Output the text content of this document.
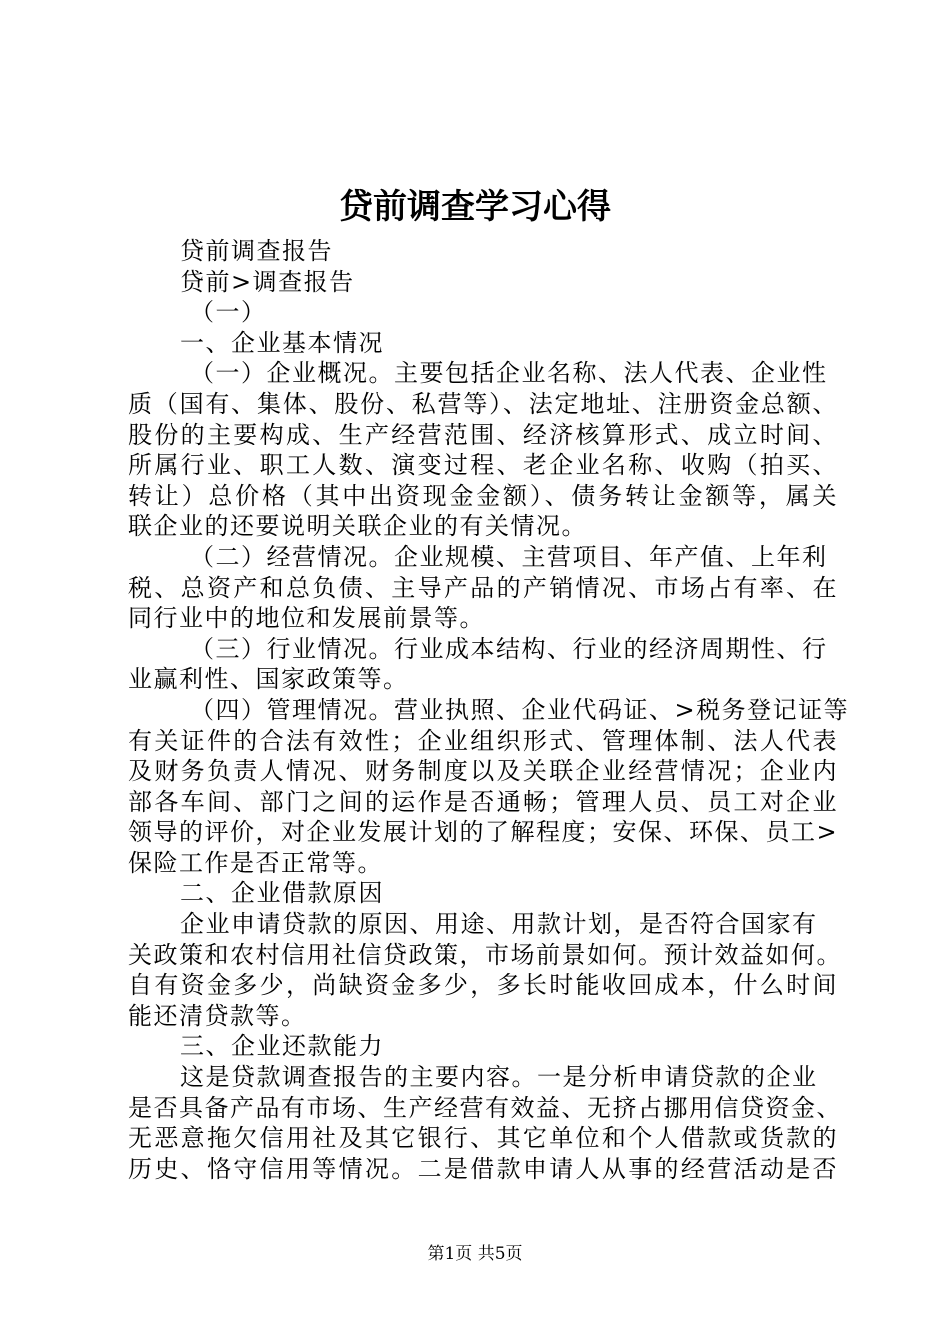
贷前调查学习心得
贷前调查报告
贷前>调查报告
（一）
一、企业基本情况
（一）企业概况。主要包括企业名称、法人代表、企业性
质（国有、集体、股份、私营等）、法定地址、注册资金总额、
股份的主要构成、生产经营范围、经济核算形式、成立时间、
所属行业、职工人数、演变过程、老企业名称、收购（拍买、
转让）总价格（其中出资现金金额）、债务转让金额等，属关
联企业的还要说明关联企业的有关情况。
（二）经营情况。企业规模、主营项目、年产值、上年利
税、总资产和总负债、主导产品的产销情况、市场占有率、在
同行业中的地位和发展前景等。
（三）行业情况。行业成本结构、行业的经济周期性、行
业赢利性、国家政策等。
（四）管理情况。营业执照、企业代码证、>税务登记证等
有关证件的合法有效性；企业组织形式、管理体制、法人代表
及财务负责人情况、财务制度以及关联企业经营情况；企业内
部各车间、部门之间的运作是否通畅；管理人员、员工对企业
领导的评价，对企业发展计划的了解程度；安保、环保、员工>
保险工作是否正常等。
二、企业借款原因
企业申请贷款的原因、用途、用款计划，是否符合国家有
关政策和农村信用社信贷政策，市场前景如何。预计效益如何。
自有资金多少，尚缺资金多少，多长时能收回成本，什么时间
能还清贷款等。
三、企业还款能力
这是贷款调查报告的主要内容。一是分析申请贷款的企业
是否具备产品有市场、生产经营有效益、无挤占挪用信贷资金、
无恶意拖欠信用社及其它银行、其它单位和个人借款或货款的
历史、恪守信用等情况。二是借款申请人从事的经营活动是否
第1页 共5页
